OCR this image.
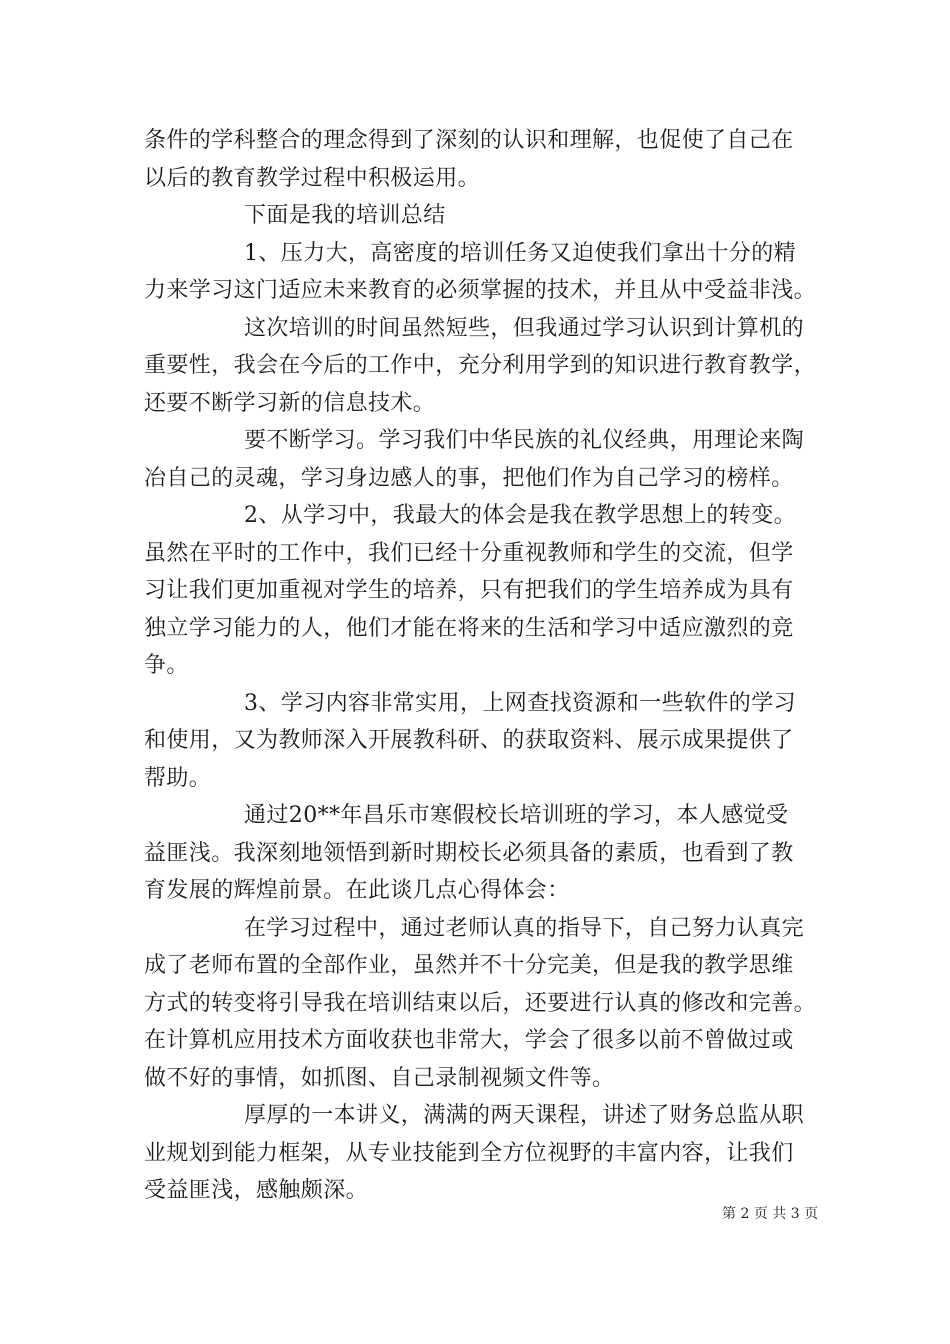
条件的学科整合的理念得到了深刻的认识和理解，也促使了自己在
以后的教育教学过程中积极运用。
下面是我的培训总结
1、压力大，高密度的培训任务又迫使我们拿出十分的精
力来学习这门适应未来教育的必须掌握的技术，并且从中受益非浅。
这次培训的时间虽然短些，但我通过学习认识到计算机的
重要性，我会在今后的工作中，充分利用学到的知识进行教育教学，
还要不断学习新的信息技术。
要不断学习。学习我们中华民族的礼仪经典，用理论来陶
冶自己的灵魂，学习身边感人的事，把他们作为自己学习的榜样。
2、从学习中，我最大的体会是我在教学思想上的转变。
虽然在平时的工作中，我们已经十分重视教师和学生的交流，但学
习让我们更加重视对学生的培养，只有把我们的学生培养成为具有
独立学习能力的人，他们才能在将来的生活和学习中适应激烈的竞
争。
3、学习内容非常实用，上网查找资源和一些软件的学习
和使用，又为教师深入开展教科研、的获取资料、展示成果提供了
帮助。
通过20**年昌乐市寒假校长培训班的学习，本人感觉受
益匪浅。我深刻地领悟到新时期校长必须具备的素质，也看到了教
育发展的辉煌前景。在此谈几点心得体会：
在学习过程中，通过老师认真的指导下，自己努力认真完
成了老师布置的全部作业，虽然并不十分完美，但是我的教学思维
方式的转变将引导我在培训结束以后，还要进行认真的修改和完善。
在计算机应用技术方面收获也非常大，学会了很多以前不曾做过或
做不好的事情，如抓图、自己录制视频文件等。
厚厚的一本讲义，满满的两天课程，讲述了财务总监从职
业规划到能力框架，从专业技能到全方位视野的丰富内容，让我们
受益匪浅，感触颇深。
第 2 页 共 3 页
